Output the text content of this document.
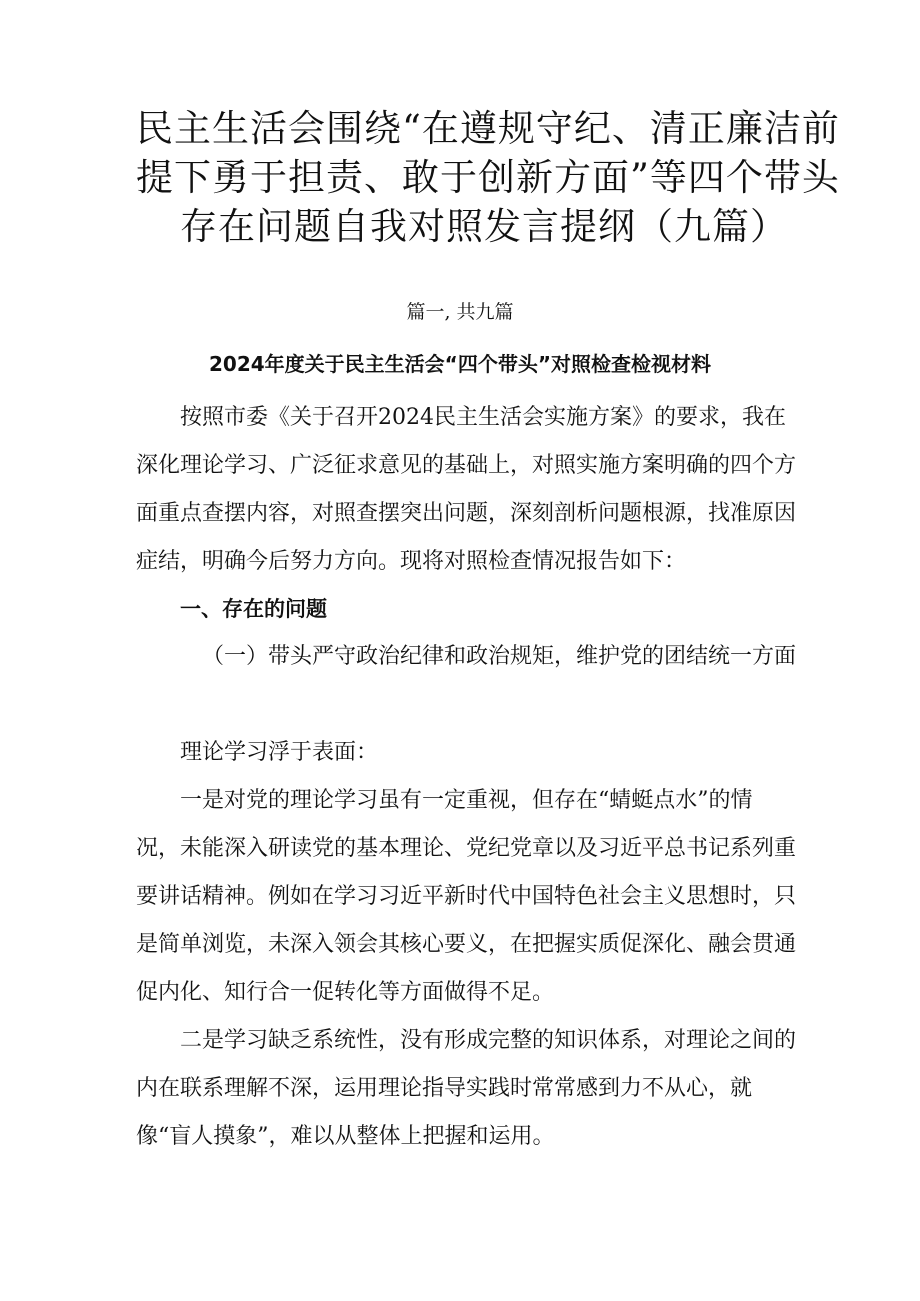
民主生活会围绕“在遵规守纪、清正廉洁前
提下勇于担责、敢于创新方面”等四个带头
存在问题自我对照发言提纲（九篇）
篇一, 共九篇
2024年度关于民主生活会“四个带头”对照检查检视材料

按照市委《关于召开2024民主生活会实施方案》的要求，我在深化理论学习、广泛征求意见的基础上，对照实施方案明确的四个方面重点查摆内容，对照查摆突出问题，深刻剖析问题根源，找准原因症结，明确今后努力方向。现将对照检查情况报告如下：

一、存在的问题

（一）带头严守政治纪律和政治规矩，维护党的团结统一方面

理论学习浮于表面：

一是对党的理论学习虽有一定重视，但存在“蜻蜓点水”的情况，未能深入研读党的基本理论、党纪党章以及习近平总书记系列重要讲话精神。例如在学习习近平新时代中国特色社会主义思想时，只是简单浏览，未深入领会其核心要义，在把握实质促深化、融会贯通促内化、知行合一促转化等方面做得不足。

二是学习缺乏系统性，没有形成完整的知识体系，对理论之间的内在联系理解不深，运用理论指导实践时常常感到力不从心，就像“盲人摸象”，难以从整体上把握和运用。
